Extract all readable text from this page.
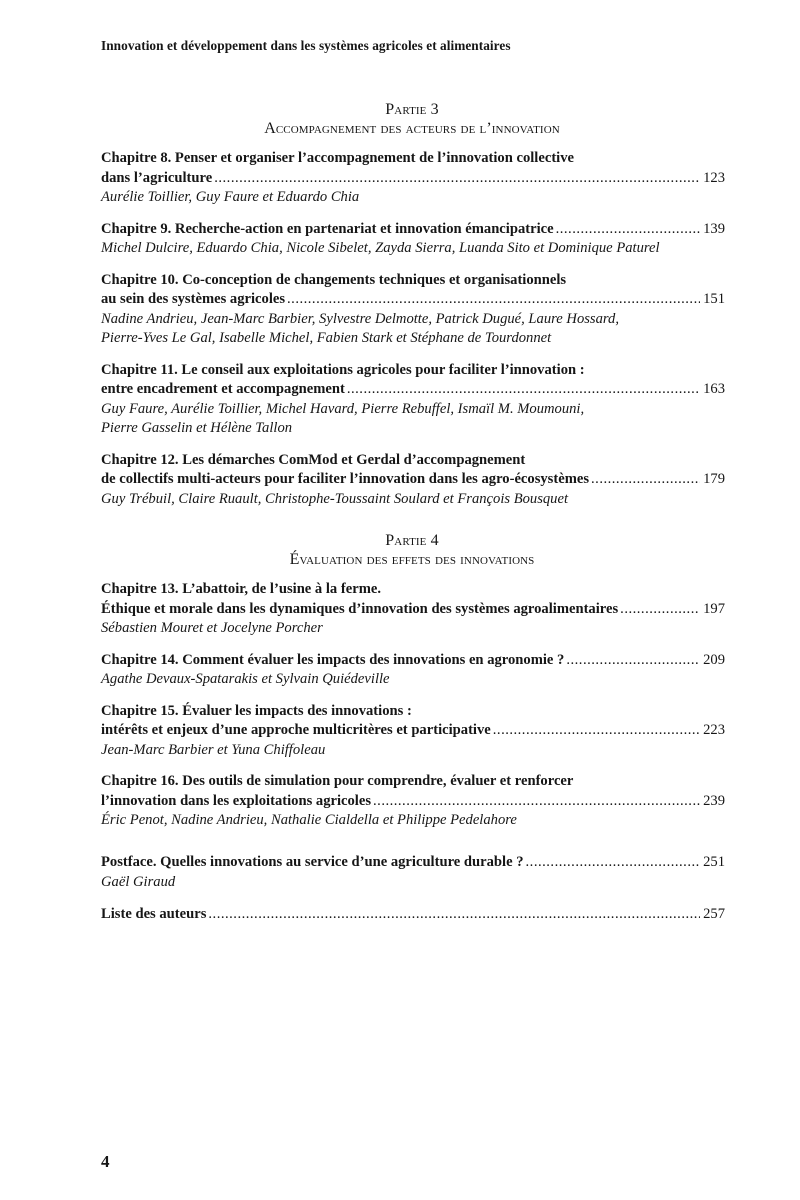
Innovation et développement dans les systèmes agricoles et alimentaires
Partie 3
Accompagnement des acteurs de l’innovation
Chapitre 8. Penser et organiser l’accompagnement de l’innovation collective
dans l’agriculture .....	123
Aurélie Toillier, Guy Faure et Eduardo Chia
Chapitre 9. Recherche-action en partenariat et innovation émancipatrice .....	139
Michel Dulcire, Eduardo Chia, Nicole Sibelet, Zayda Sierra, Luanda Sito et Dominique Paturel
Chapitre 10. Co-conception de changements techniques et organisationnels
au sein des systèmes agricoles .....	151
Nadine Andrieu, Jean-Marc Barbier, Sylvestre Delmotte, Patrick Dugué, Laure Hossard,
Pierre-Yves Le Gal, Isabelle Michel, Fabien Stark et Stéphane de Tourdonnet
Chapitre 11. Le conseil aux exploitations agricoles pour faciliter l’innovation :
entre encadrement et accompagnement .....	163
Guy Faure, Aurélie Toillier, Michel Havard, Pierre Rebuffel, Ismaïl M. Moumouni,
Pierre Gasselin et Hélène Tallon
Chapitre 12. Les démarches ComMod et Gerdal d’accompagnement
de collectifs multi-acteurs pour faciliter l’innovation dans les agro-écosystèmes .....	179
Guy Trébuil, Claire Ruault, Christophe-Toussaint Soulard et François Bousquet
Partie 4
Évaluation des effets des innovations
Chapitre 13. L’abattoir, de l’usine à la ferme.
Éthique et morale dans les dynamiques d’innovation des systèmes agroalimentaires .....	197
Sébastien Mouret et Jocelyne Porcher
Chapitre 14. Comment évaluer les impacts des innovations en agronomie ? .....	209
Agathe Devaux-Spatarakis et Sylvain Quiédeville
Chapitre 15. Évaluer les impacts des innovations :
intérêts et enjeux d’une approche multicritères et participative .....	223
Jean-Marc Barbier et Yuna Chiffoleau
Chapitre 16. Des outils de simulation pour comprendre, évaluer et renforcer
l’innovation dans les exploitations agricoles .....	239
Éric Penot, Nadine Andrieu, Nathalie Cialdella et Philippe Pedelahore
Postface. Quelles innovations au service d’une agriculture durable ? .....	251
Gaël Giraud
Liste des auteurs .....	257
4
